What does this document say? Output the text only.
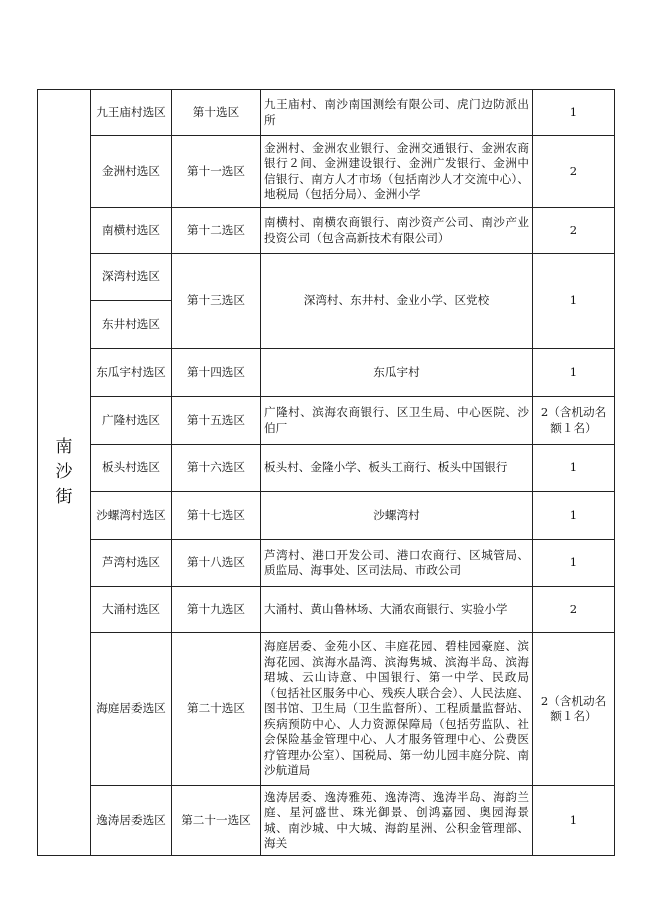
南
沙
街	九王庙村选区	第十选区	九王庙村、南沙南国测绘有限公司、虎门边防派出所	1
	金洲村选区	第十一选区	金洲村、金洲农业银行、金洲交通银行、金洲农商银行２间、金洲建设银行、金洲广发银行、金洲中信银行、南方人才市场（包括南沙人才交流中心）、地税局（包括分局）、金洲小学	2
	南横村选区	第十二选区	南横村、南横农商银行、南沙资产公司、南沙产业投资公司（包含高新技术有限公司）	2
	深湾村选区	第十三选区	深湾村、东井村、金业小学、区党校	1
	东井村选区			
	东瓜宇村选区	第十四选区	东瓜宇村	1
	广隆村选区	第十五选区	广隆村、滨海农商银行、区卫生局、中心医院、沙伯厂	2（含机动名额１名）
	板头村选区	第十六选区	板头村、金隆小学、板头工商行、板头中国银行	1
	沙螺湾村选区	第十七选区	沙螺湾村	1
	芦湾村选区	第十八选区	芦湾村、港口开发公司、港口农商行、区城管局、质监局、海事处、区司法局、市政公司	1
	大涌村选区	第十九选区	大涌村、黄山鲁林场、大涌农商银行、实验小学	2
	海庭居委选区	第二十选区	海庭居委、金苑小区、丰庭花园、碧桂园豪庭、滨海花园、滨海水晶湾、滨海隽城、滨海半岛、滨海珺城、云山诗意、中国银行、第一中学、民政局（包括社区服务中心、残疾人联合会）、人民法庭、图书馆、卫生局（卫生监督所）、工程质量监督站、疾病预防中心、人力资源保障局（包括劳监队、社会保险基金管理中心、人才服务管理中心、公费医疗管理办公室）、国税局、第一幼儿园丰庭分院、南沙航道局	2（含机动名额１名）
	逸涛居委选区	第二十一选区	逸涛居委、逸涛雅苑、逸涛湾、逸涛半岛、海韵兰庭、星河盛世、珠光御景、创鸿嘉园、奥园海景城、南沙城、中大城、海韵星洲、公积金管理部、海关	1
